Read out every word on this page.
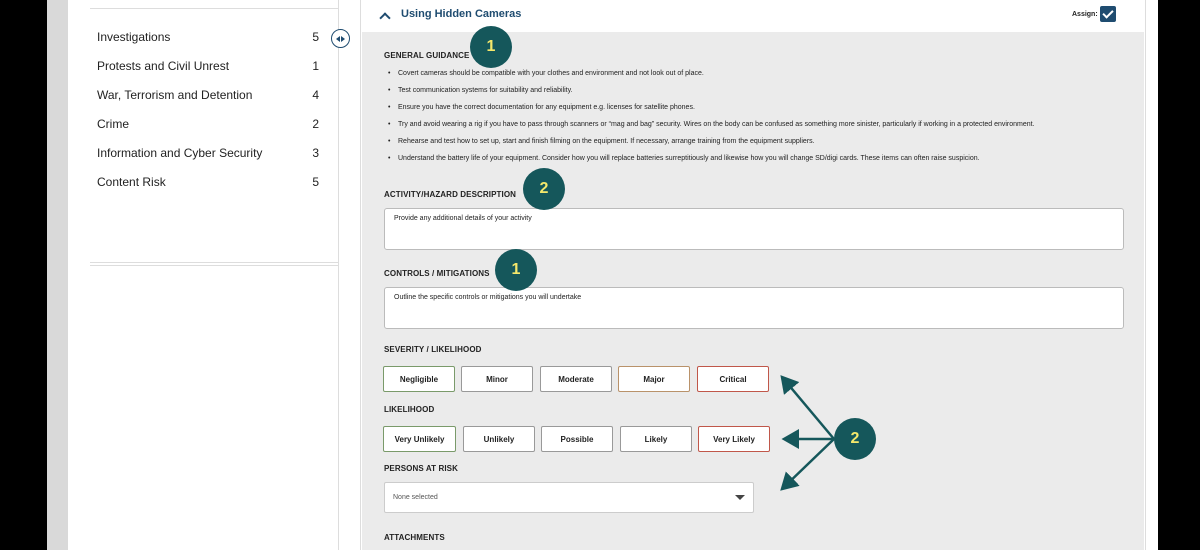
Investigations	5
Protests and Civil Unrest	1
War, Terrorism and Detention	4
Crime	2
Information and Cyber Security	3
Content Risk	5
Using Hidden Cameras	Assign:
GENERAL GUIDANCE
• Covert cameras should be compatible with your clothes and environment and not look out of place.
• Test communication systems for suitability and reliability.
• Ensure you have the correct documentation for any equipment e.g. licenses for satellite phones.
• Try and avoid wearing a rig if you have to pass through scanners or “mag and bag” security. Wires on the body can be confused as something more sinister, particularly if working in a protected environment.
• Rehearse and test how to set up, start and finish filming on the equipment. If necessary, arrange training from the equipment suppliers.
• Understand the battery life of your equipment. Consider how you will replace batteries surreptitiously and likewise how you will change SD/digi cards. These items can often raise suspicion.
ACTIVITY/HAZARD DESCRIPTION
Provide any additional details of your activity
CONTROLS / MITIGATIONS
Outline the specific controls or mitigations you will undertake
SEVERITY / LIKELIHOOD
Negligible	Minor	Moderate	Major	Critical
LIKELIHOOD
Very Unlikely	Unlikely	Possible	Likely	Very Likely
PERSONS AT RISK
None selected
ATTACHMENTS
1
2
1
2
